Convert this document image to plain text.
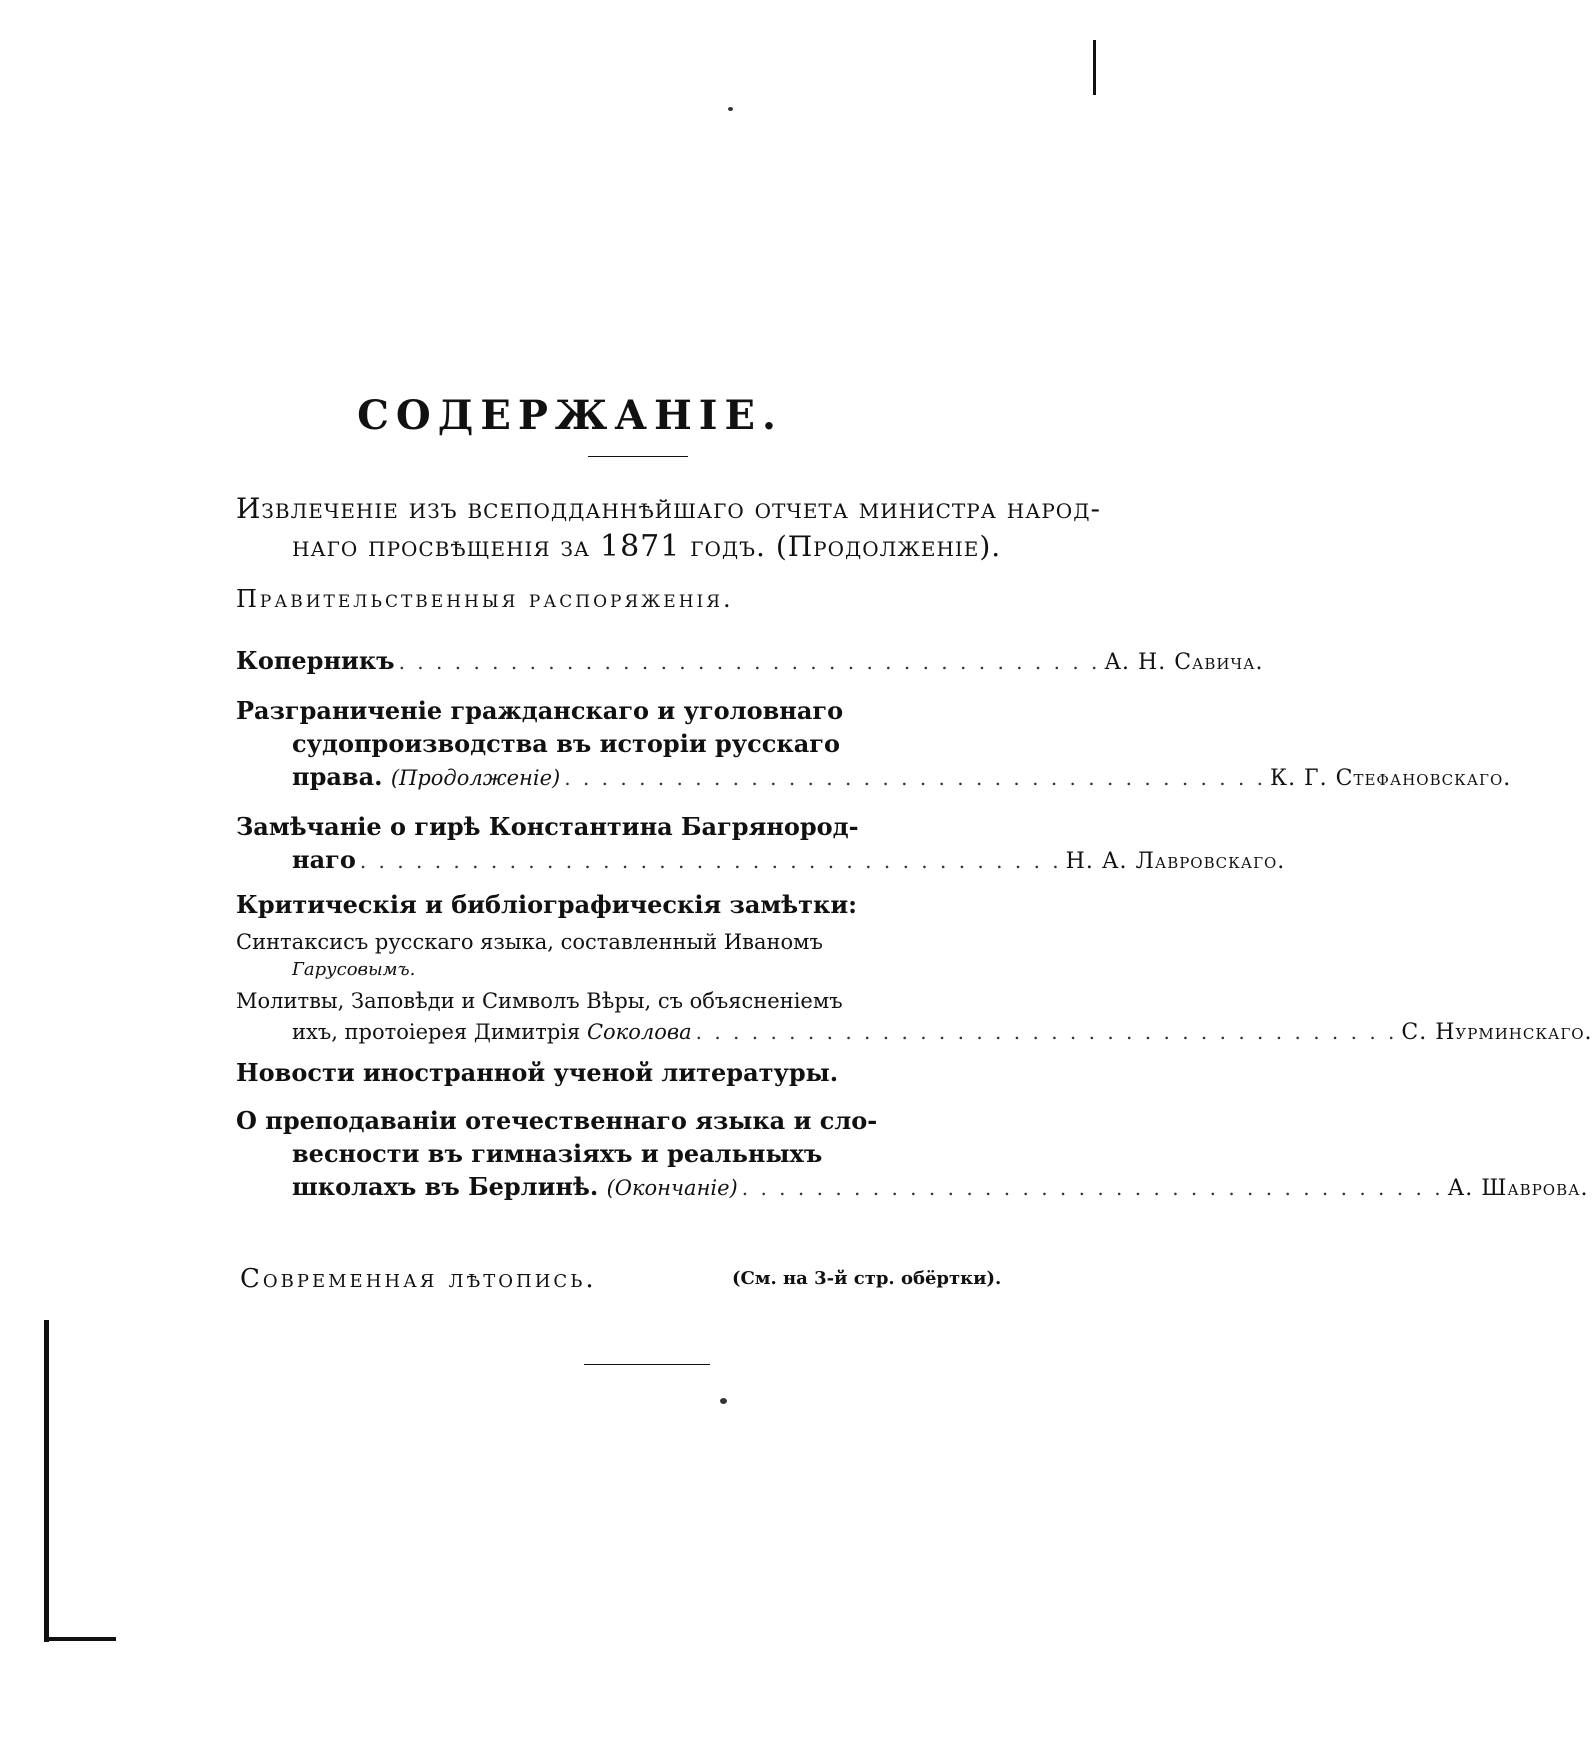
СОДЕРЖАНІЕ.
Извлеченіе изъ всеподданнѣйшаго отчета министра народ-
наго просвѣщенія за 1871 годъ. (Продолженіе).
Правительственныя распоряженія.
Коперникъ . . . . . . . . . . . . . . . . . . . . . . . . . . . . . . . . . . . . . . А. Н. Савича.
Разграниченіе гражданскаго и уголовнаго
судопроизводства въ исторіи русскаго
права.
(Продолженіе) . . . . . . . . . . . . . . . . . . . . . . . . . . . . . . . . . . . . . . К. Г. Стефановскаго.
Замѣчаніе о гирѣ Константина Багрянород-
наго . . . . . . . . . . . . . . . . . . . . . . . . . . . . . . . . . . . . . . Н. А. Лавровскаго.
Критическія и библіографическія замѣтки:
Синтаксисъ русскаго языка, составленный Иваномъ
Гарусовымъ.
Молитвы, Заповѣди и Символъ Вѣры, съ объясненіемъ
ихъ, протоіерея Димитрія
Соколова . . . . . . . . . . . . . . . . . . . . . . . . . . . . . . . . . . . . . . С. Нурминскаго.
Новости иностранной ученой литературы.
О преподаваніи отечественнаго языка и сло-
весности въ гимназіяхъ и реальныхъ
школахъ въ Берлинѣ.
(Окончаніе) . . . . . . . . . . . . . . . . . . . . . . . . . . . . . . . . . . . . . . А. Шаврова.
Современная лѣтопись.	(См. на 3-й стр. обёртки).
